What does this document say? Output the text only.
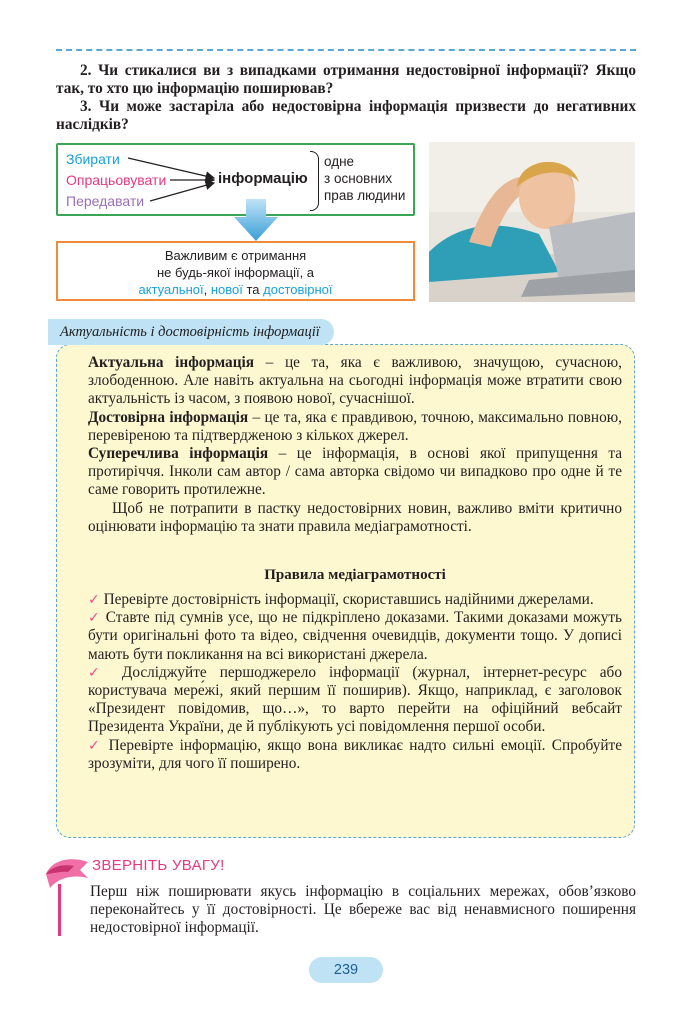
2. Чи стикалися ви з випадками отримання недостовірної інформації? Якщо так, то хто цю інформацію поширював?

3. Чи може застаріла або недостовірна інформація призвести до негативних наслідків?

Збирати
Опрацьовувати
Передавати
інформацію
одне
з основних
прав людини
Важливим є отримання
не будь-якої інформації, а
актуальної, нової та достовірної
Актуальність і достовірність інформації

Актуальна інформація – це та, яка є важливою, значущою, сучасною, злободенною. Але навіть актуальна на сьогодні інформація може втратити свою актуальність із часом, з появою нової, сучаснішої.

Достовірна інформація – це та, яка є правдивою, точною, максимально повною, перевіреною та підтвердженою з кількох джерел.

Суперечлива інформація – це інформація, в основі якої припущення та протиріччя. Інколи сам автор / сама авторка свідомо чи випадково про одне й те саме говорить протилежне.

Щоб не потрапити в пастку недостовірних новин, важливо вміти критично оцінювати інформацію та знати правила медіаграмотності.

Правила медіаграмотності

✓ Перевірте достовірність інформації, скориставшись надійними джерелами.

✓ Ставте під сумнів усе, що не підкріплено доказами. Такими доказами можуть бути оригінальні фото та відео, свідчення очевидців, документи тощо. У дописі мають бути покликання на всі використані джерела.

✓ Досліджуйте першоджерело інформації (журнал, інтернет-ресурс або користувача мере́жі, який першим її поширив). Якщо, наприклад, є заголовок «Президент повідомив, що…», то варто перейти на офіційний вебсайт Президента України, де й публікують усі повідомлення першої особи.

✓ Перевірте інформацію, якщо вона викликає надто сильні емоції. Спробуйте зрозуміти, для чого її поширено.

ЗВЕРНІТЬ УВАГУ!

Перш ніж поширювати якусь інформацію в соціальних мережах, обов’язково переконайтесь у її достовірності. Це вбереже вас від ненавмисного поширення недостовірної інформації.

239
